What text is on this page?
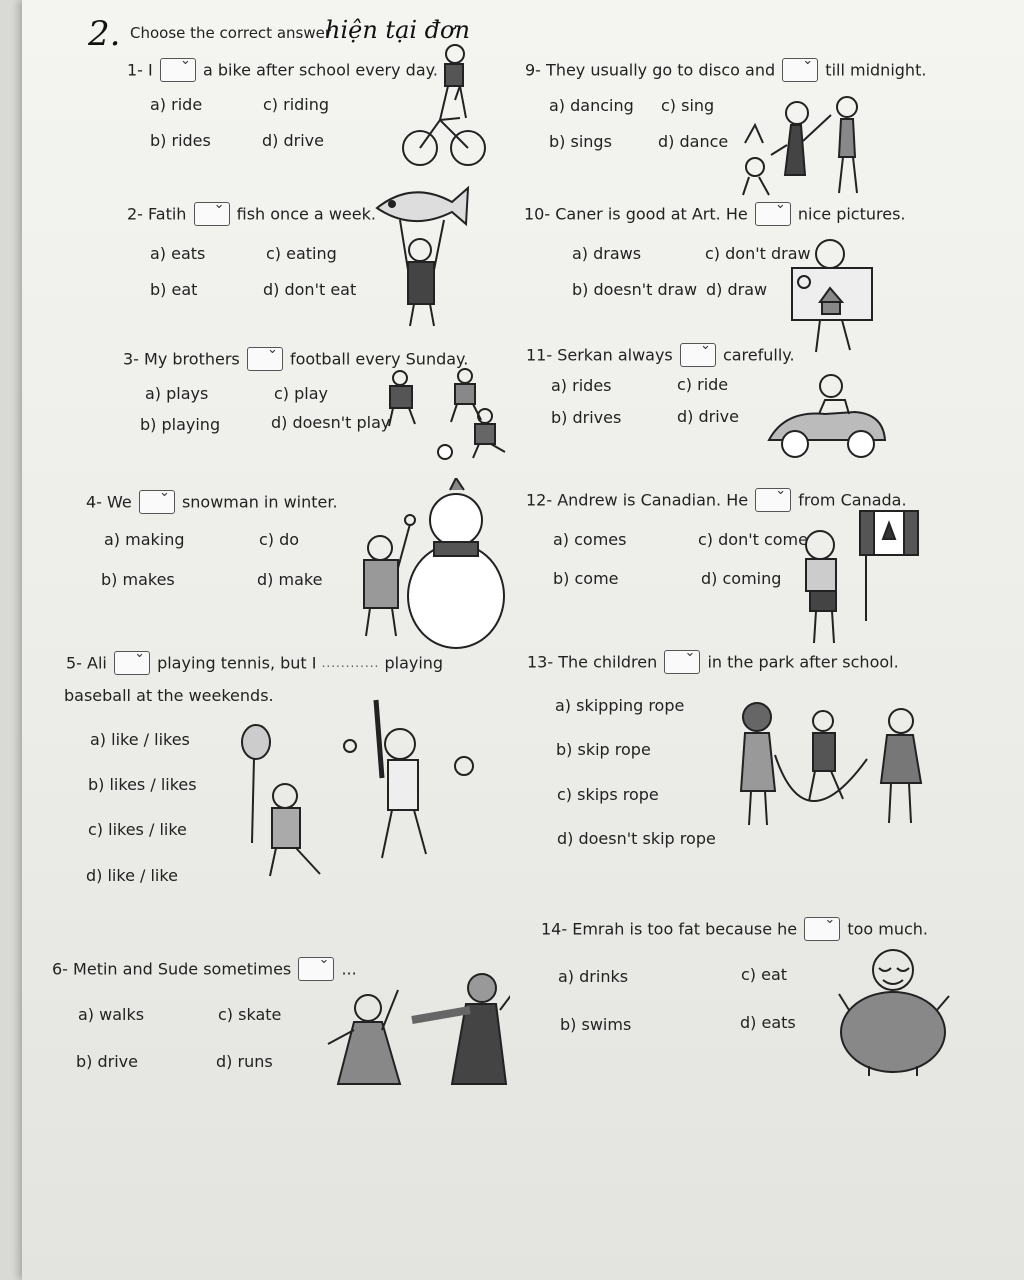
2. Choose the correct answer
hiện tại đơn
1- I ⌄	a bike after school every day.
a) ride	c) riding
b) rides	d) drive
2- Fatih ⌄	fish once a week.
a) eats	c) eating
b) eat	d) don't eat
3- My brothers ⌄	football every Sunday.
a) plays	c) play
b) playing	d) doesn't play
4- We ⌄	snowman in winter.
a) making	c) do
b) makes	d) make
5- Ali ⌄	playing tennis, but I ............ playing
baseball at the weekends.
a) like / likes
b) likes / likes
c) likes / like
d) like / like
6- Metin and Sude sometimes ⌄	...
a) walks	c) skate
b) drive	d) runs
9- They usually go to disco and ⌄	till midnight.
a) dancing c) sing
b) sings	d) dance
10- Caner is good at Art. He ⌄	nice pictures.
a) draws	c) don't draw
b) doesn't draw d) draw
11- Serkan always ⌄	carefully.
a) rides	c) ride
b) drives	d) drive
12- Andrew is Canadian. He ⌄	from Canada.
a) comes	c) don't come
b) come	d) coming
13- The children ⌄	in the park after school.
a) skipping rope
b) skip rope
c) skips rope
d) doesn't skip rope
14- Emrah is too fat because he ⌄	too much.
a) drinks	c) eat
b) swims	d) eats
